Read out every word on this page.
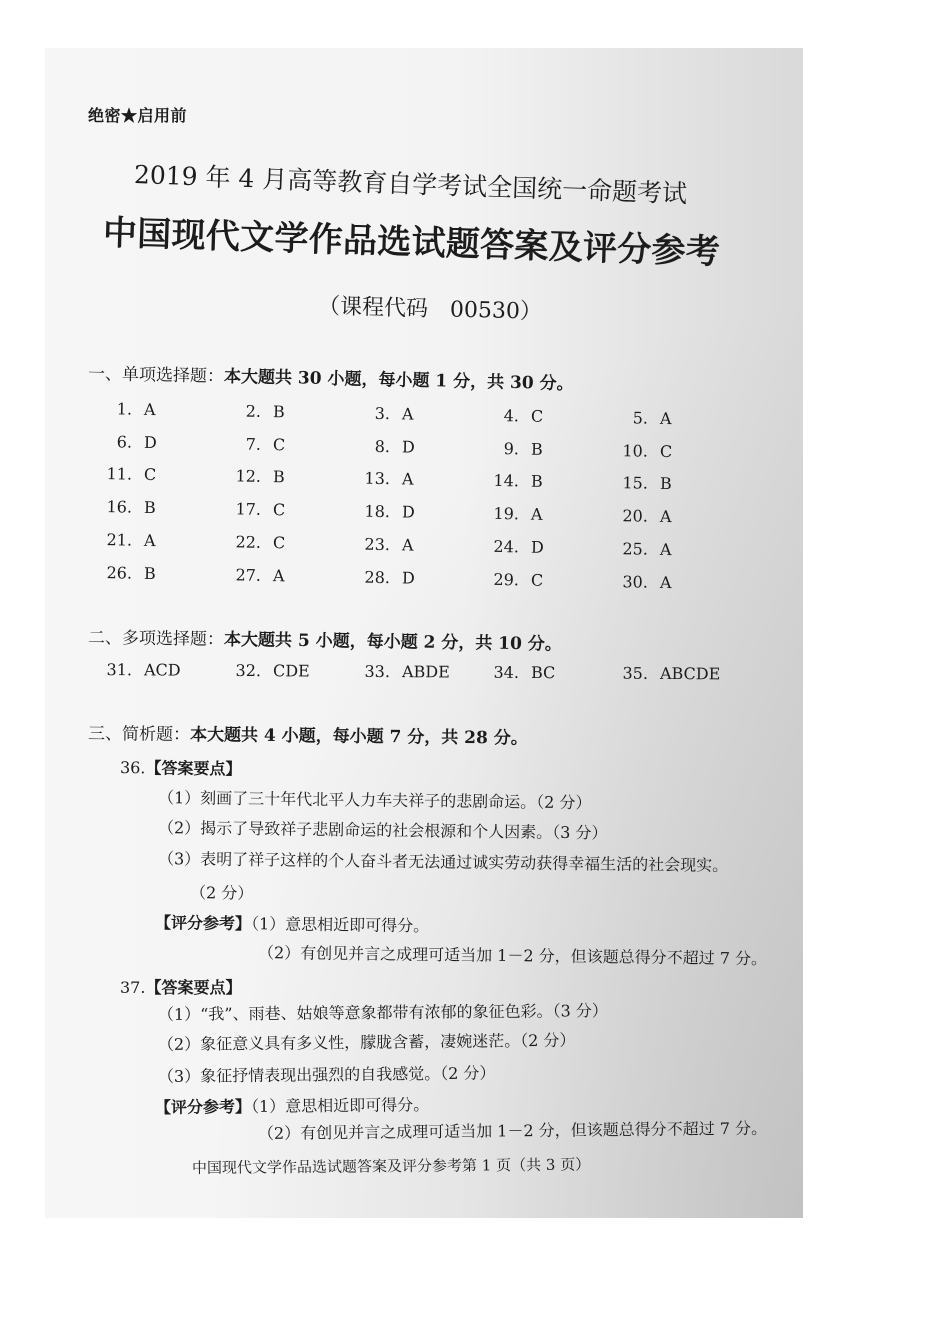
绝密★启用前
2019 年 4 月高等教育自学考试全国统一命题考试
中国现代文学作品选试题答案及评分参考
（课程代码　00530）
一、单项选择题：本大题共 30 小题，每小题 1 分，共 30 分。
1. A	2. B	3. A	4. C	5. A
6. D	7. C	8. D	9. B	10. C
11. C	12. B	13. A	14. B	15. B
16. B	17. C	18. D	19. A	20. A
21. A	22. C	23. A	24. D	25. A
26. B	27. A	28. D	29. C	30. A
二、多项选择题：本大题共 5 小题，每小题 2 分，共 10 分。
31. ACD	32. CDE	33. ABDE	34. BC	35. ABCDE
三、简析题：本大题共 4 小题，每小题 7 分，共 28 分。
36.【答案要点】
（1）刻画了三十年代北平人力车夫祥子的悲剧命运。（2 分）
（2）揭示了导致祥子悲剧命运的社会根源和个人因素。（3 分）
（3）表明了祥子这样的个人奋斗者无法通过诚实劳动获得幸福生活的社会现实。
（2 分）
【评分参考】（1）意思相近即可得分。
（2）有创见并言之成理可适当加 1－2 分，但该题总得分不超过 7 分。
37.【答案要点】
（1）“我”、雨巷、姑娘等意象都带有浓郁的象征色彩。（3 分）
（2）象征意义具有多义性，朦胧含蓄，凄婉迷茫。（2 分）
（3）象征抒情表现出强烈的自我感觉。（2 分）
【评分参考】（1）意思相近即可得分。
（2）有创见并言之成理可适当加 1－2 分，但该题总得分不超过 7 分。
中国现代文学作品选试题答案及评分参考第 1 页（共 3 页）
